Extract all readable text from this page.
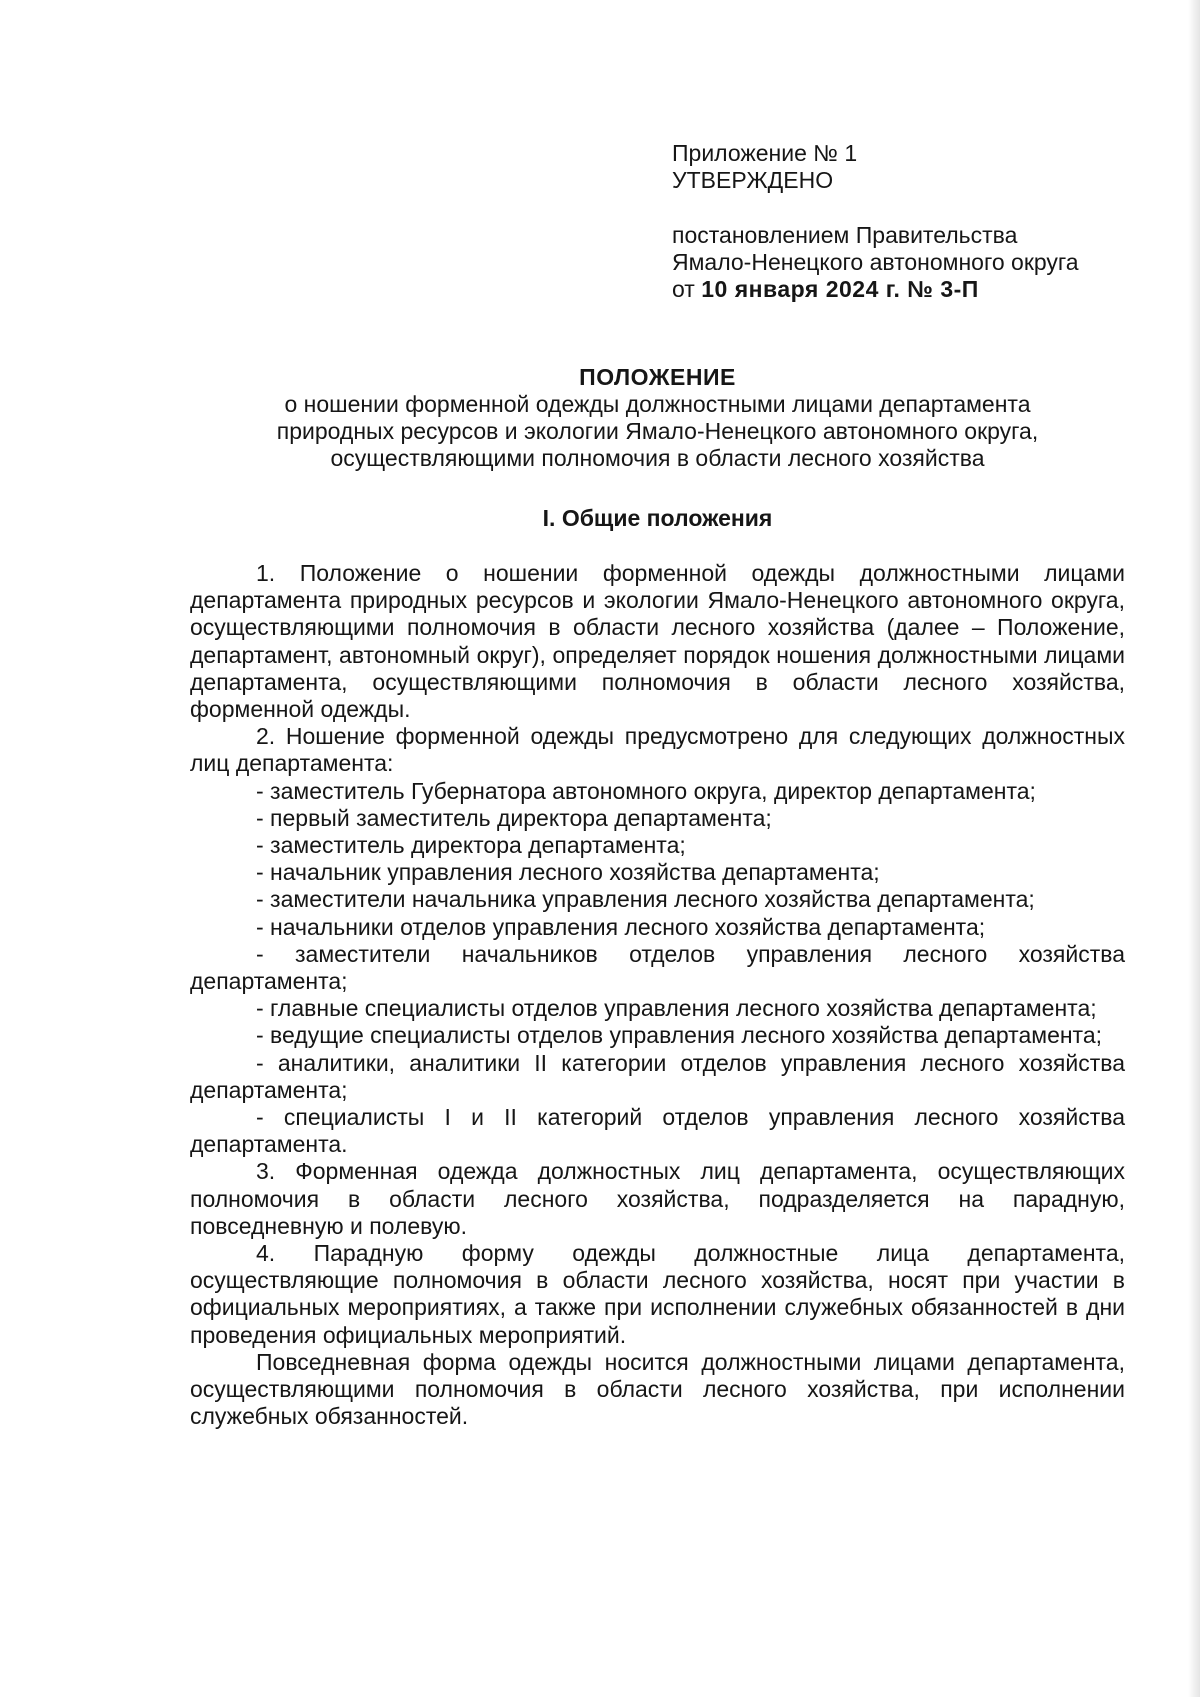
Приложение № 1
УТВЕРЖДЕНО
постановлением Правительства
Ямало-Ненецкого автономного округа
от 10 января 2024 г. № 3-П
ПОЛОЖЕНИЕ
о ношении форменной одежды должностными лицами департамента
природных ресурсов и экологии Ямало-Ненецкого автономного округа,
осуществляющими полномочия в области лесного хозяйства
I. Общие положения

1. Положение о ношении форменной одежды должностными лицами департамента природных ресурсов и экологии Ямало-Ненецкого автономного округа, осуществляющими полномочия в области лесного хозяйства (далее – Положение, департамент, автономный округ), определяет порядок ношения должностными лицами департамента, осуществляющими полномочия в области лесного хозяйства, форменной одежды.

2. Ношение форменной одежды предусмотрено для следующих должностных лиц департамента:

- заместитель Губернатора автономного округа, директор департамента;

- первый заместитель директора департамента;

- заместитель директора департамента;

- начальник управления лесного хозяйства департамента;

- заместители начальника управления лесного хозяйства департамента;

- начальники отделов управления лесного хозяйства департамента;

- заместители начальников отделов управления лесного хозяйства департамента;

- главные специалисты отделов управления лесного хозяйства департамента;

- ведущие специалисты отделов управления лесного хозяйства департамента;

- аналитики, аналитики II категории отделов управления лесного хозяйства департамента;

- специалисты I и II категорий отделов управления лесного хозяйства департамента.

3. Форменная одежда должностных лиц департамента, осуществляющих полномочия в области лесного хозяйства, подразделяется на парадную, повседневную и полевую.

4. Парадную форму одежды должностные лица департамента, осуществляющие полномочия в области лесного хозяйства, носят при участии в официальных мероприятиях, а также при исполнении служебных обязанностей в дни проведения официальных мероприятий.

Повседневная форма одежды носится должностными лицами департамента, осуществляющими полномочия в области лесного хозяйства, при исполнении служебных обязанностей.
